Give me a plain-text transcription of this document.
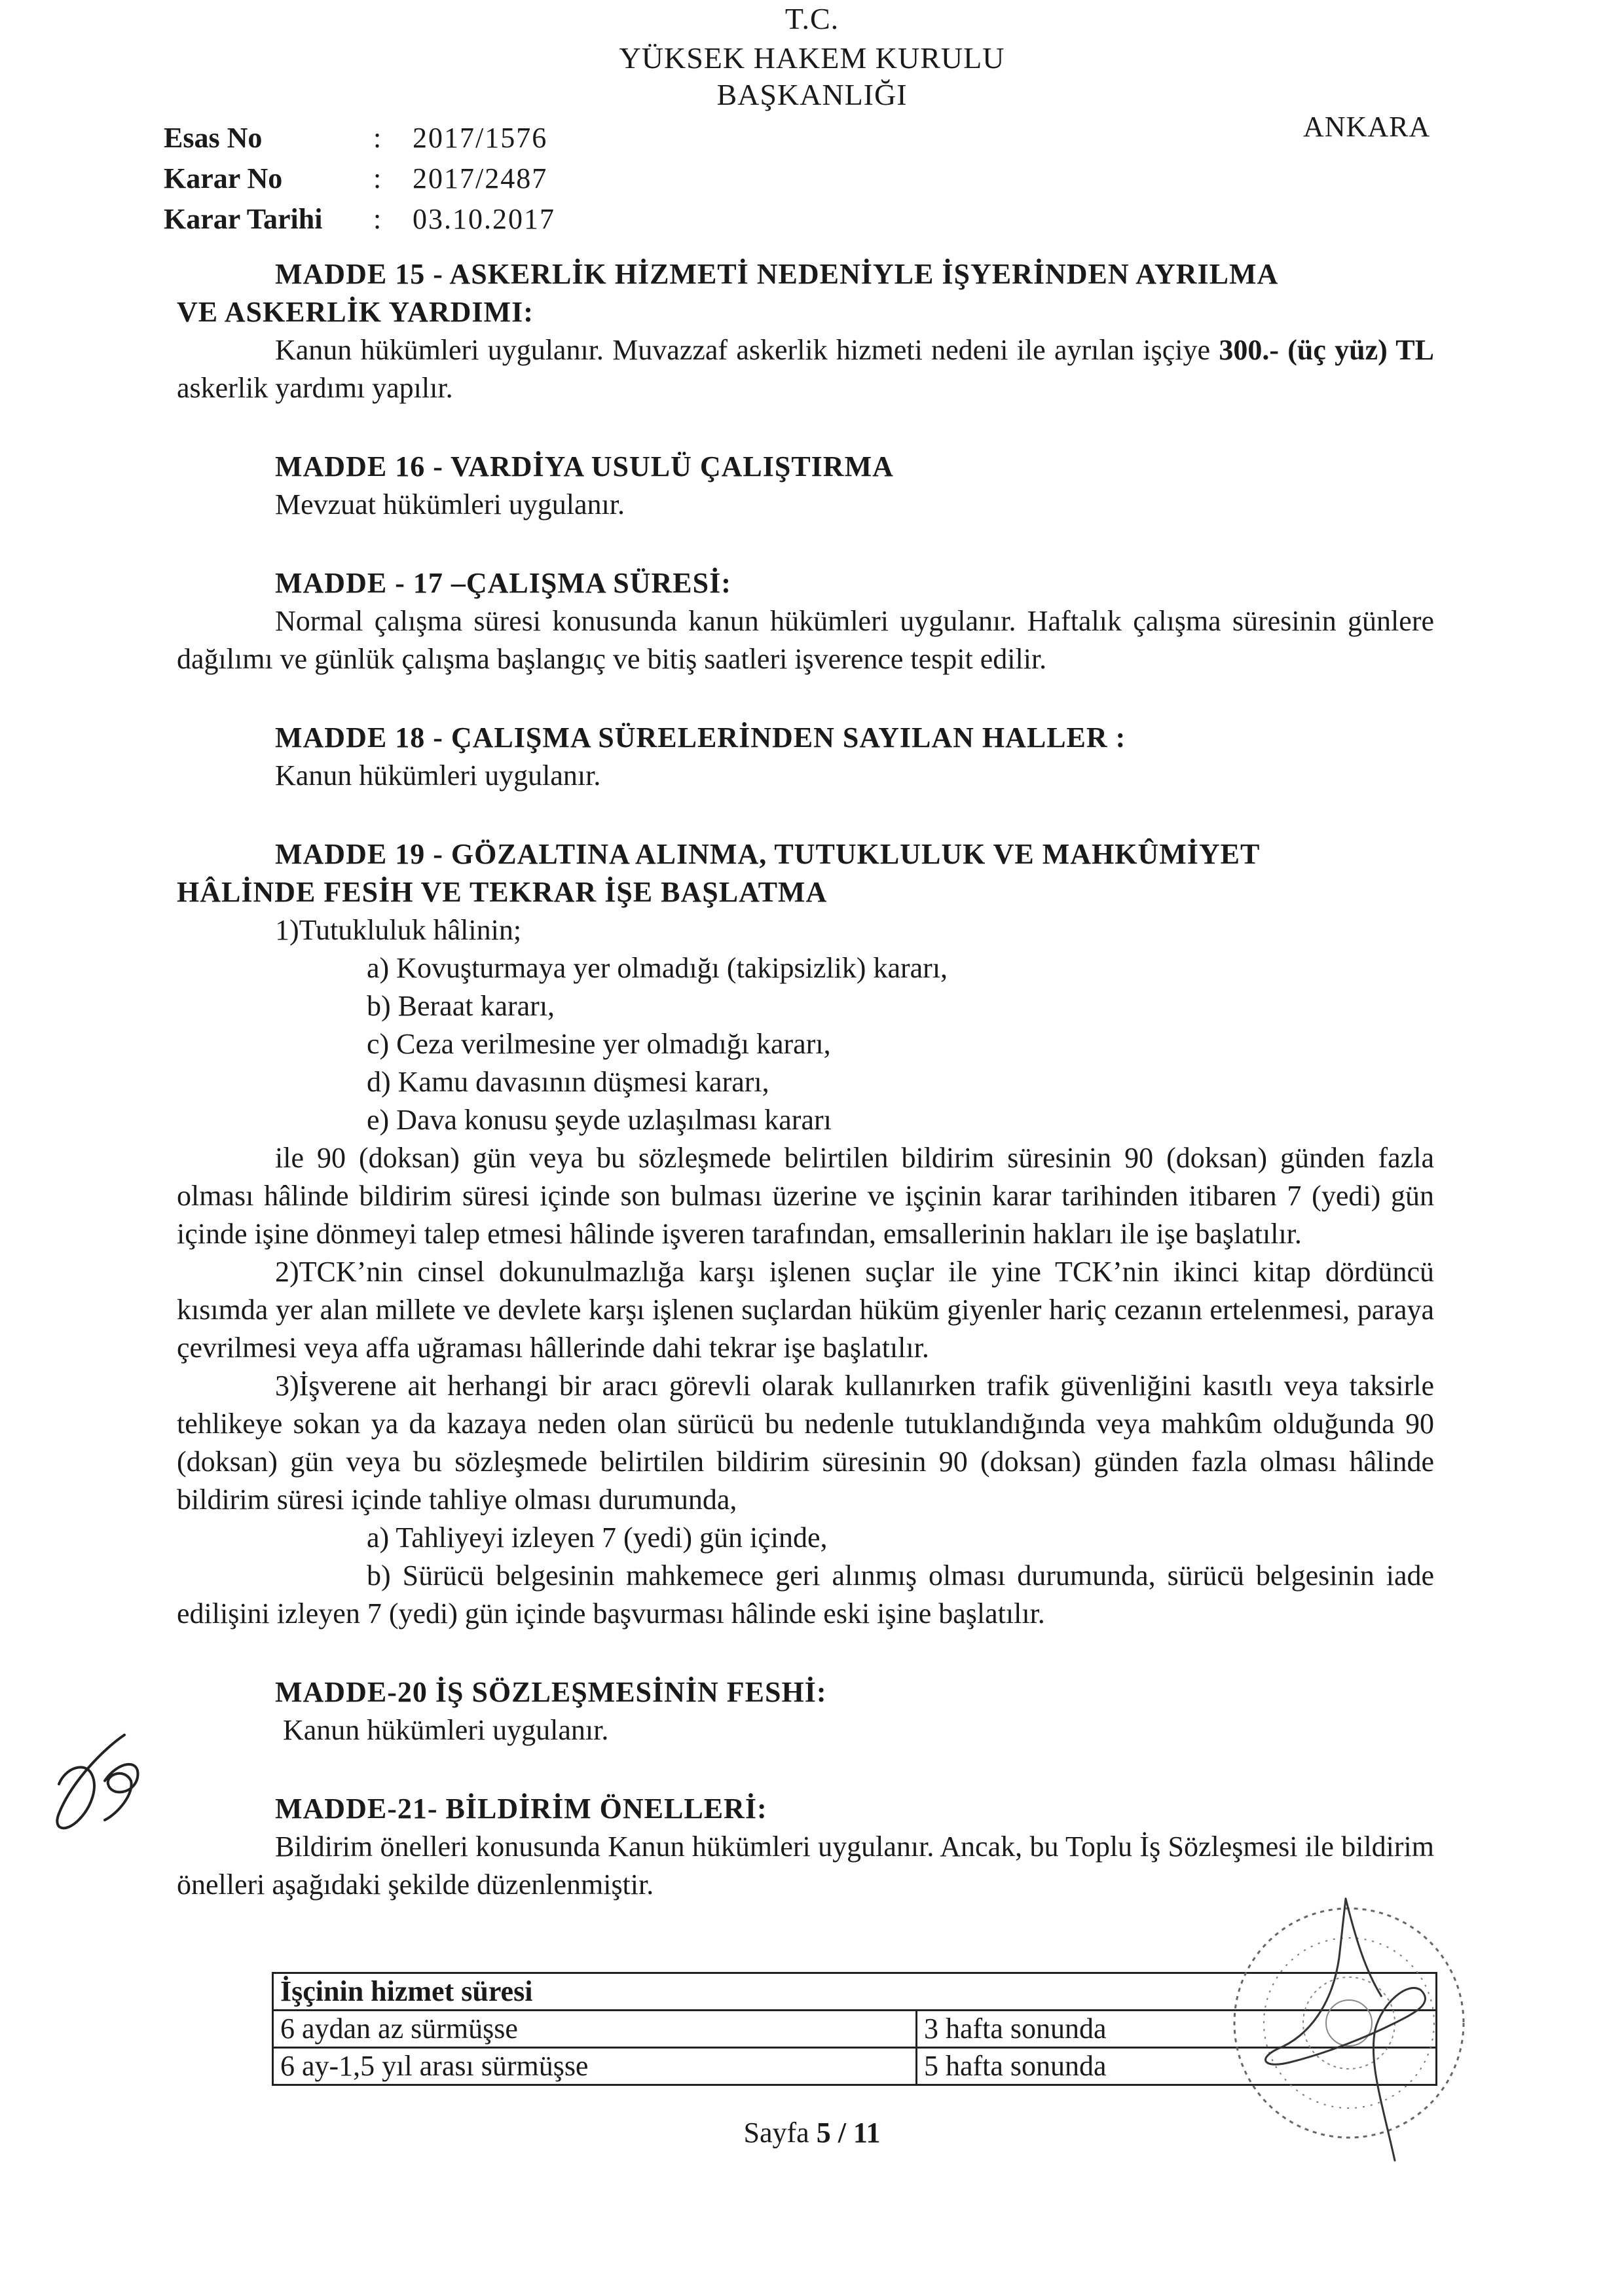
T.C.
YÜKSEK HAKEM KURULU
BAŞKANLIĞI
ANKARA
Esas No	:	2017/1576
Karar No	:	2017/2487
Karar Tarihi	:	03.10.2017
MADDE 15 - ASKERLİK HİZMETİ NEDENİYLE İŞYERİNDEN AYRILMA
VE ASKERLİK YARDIMI:
Kanun hükümleri uygulanır. Muvazzaf askerlik hizmeti nedeni ile ayrılan işçiye 300.- (üç yüz) TL askerlik yardımı yapılır.
MADDE 16 - VARDİYA USULÜ ÇALIŞTIRMA
Mevzuat hükümleri uygulanır.
MADDE - 17 –ÇALIŞMA SÜRESİ:
Normal çalışma süresi konusunda kanun hükümleri uygulanır. Haftalık çalışma süresinin günlere dağılımı ve günlük çalışma başlangıç ve bitiş saatleri işverence tespit edilir.
MADDE 18 - ÇALIŞMA SÜRELERİNDEN SAYILAN HALLER :
Kanun hükümleri uygulanır.
MADDE 19 - GÖZALTINA ALINMA, TUTUKLULUK VE MAHKÛMİYET
HÂLİNDE FESİH VE TEKRAR İŞE BAŞLATMA
1)Tutukluluk hâlinin;
a) Kovuşturmaya yer olmadığı (takipsizlik) kararı,
b) Beraat kararı,
c) Ceza verilmesine yer olmadığı kararı,
d) Kamu davasının düşmesi kararı,
e) Dava konusu şeyde uzlaşılması kararı
ile 90 (doksan) gün veya bu sözleşmede belirtilen bildirim süresinin 90 (doksan) günden fazla olması hâlinde bildirim süresi içinde son bulması üzerine ve işçinin karar tarihinden itibaren 7 (yedi) gün içinde işine dönmeyi talep etmesi hâlinde işveren tarafından, emsallerinin hakları ile işe başlatılır.
2)TCK’nin cinsel dokunulmazlığa karşı işlenen suçlar ile yine TCK’nin ikinci kitap dördüncü kısımda yer alan millete ve devlete karşı işlenen suçlardan hüküm giyenler hariç cezanın ertelenmesi, paraya çevrilmesi veya affa uğraması hâllerinde dahi tekrar işe başlatılır.
3)İşverene ait herhangi bir aracı görevli olarak kullanırken trafik güvenliğini kasıtlı veya taksirle tehlikeye sokan ya da kazaya neden olan sürücü bu nedenle tutuklandığında veya mahkûm olduğunda 90 (doksan) gün veya bu sözleşmede belirtilen bildirim süresinin 90 (doksan) günden fazla olması hâlinde bildirim süresi içinde tahliye olması durumunda,
a) Tahliyeyi izleyen 7 (yedi) gün içinde,
b) Sürücü belgesinin mahkemece geri alınmış olması durumunda, sürücü belgesinin iade edilişini izleyen 7 (yedi) gün içinde başvurması hâlinde eski işine başlatılır.
MADDE-20 İŞ SÖZLEŞMESİNİN FESHİ:
Kanun hükümleri uygulanır.
MADDE-21- BİLDİRİM ÖNELLERİ:
Bildirim önelleri konusunda Kanun hükümleri uygulanır. Ancak, bu Toplu İş Sözleşmesi ile bildirim önelleri aşağıdaki şekilde düzenlenmiştir.
İşçinin hizmet süresi	
6 aydan az sürmüşse	3 hafta sonunda
6 ay-1,5 yıl arası sürmüşse	5 hafta sonunda
Sayfa 5 / 11
